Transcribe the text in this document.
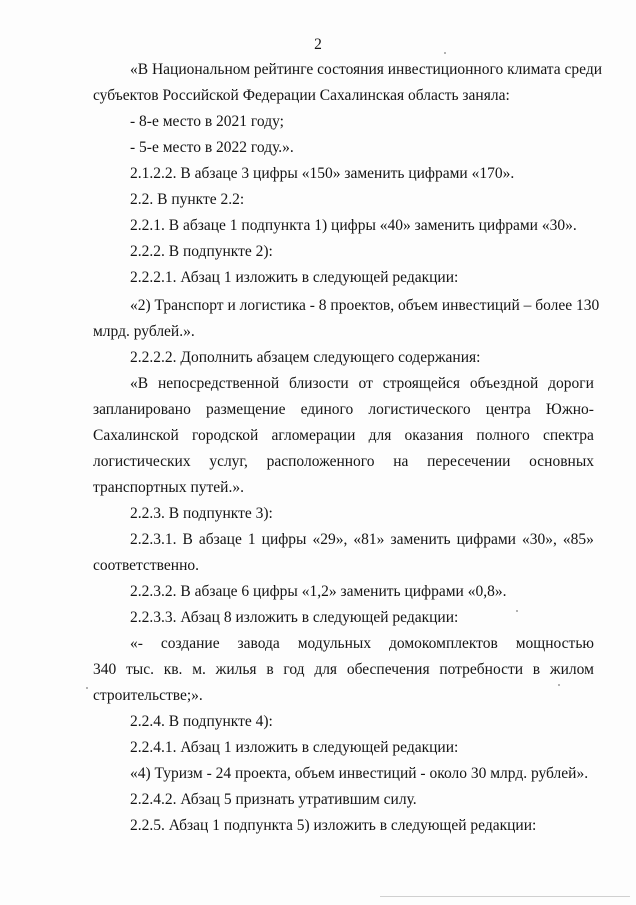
2
«В Национальном рейтинге состояния инвестиционного климата среди
субъектов Российской Федерации Сахалинская область заняла:
- 8-е место в 2021 году;
- 5-е место в 2022 году.».
2.1.2.2. В абзаце 3 цифры «150» заменить цифрами «170».
2.2. В пункте 2.2:
2.2.1. В абзаце 1 подпункта 1) цифры «40» заменить цифрами «30».
2.2.2. В подпункте 2):
2.2.2.1. Абзац 1 изложить в следующей редакции:
«2) Транспорт и логистика - 8 проектов, объем инвестиций – более 130
млрд. рублей.».
2.2.2.2. Дополнить абзацем следующего содержания:
«В непосредственной близости от строящейся объездной дороги
запланировано размещение единого логистического центра Южно-
Сахалинской городской агломерации для оказания полного спектра
логистических услуг, расположенного на пересечении основных
транспортных путей.».
2.2.3. В подпункте 3):
2.2.3.1. В абзаце 1 цифры «29», «81» заменить цифрами «30», «85»
соответственно.
2.2.3.2. В абзаце 6 цифры «1,2» заменить цифрами «0,8».
2.2.3.3. Абзац 8 изложить в следующей редакции:
«- создание завода модульных домокомплектов мощностью
340 тыс. кв. м. жилья в год для обеспечения потребности в жилом
строительстве;».
2.2.4. В подпункте 4):
2.2.4.1. Абзац 1 изложить в следующей редакции:
«4) Туризм - 24 проекта, объем инвестиций - около 30 млрд. рублей».
2.2.4.2. Абзац 5 признать утратившим силу.
2.2.5. Абзац 1 подпункта 5) изложить в следующей редакции:
